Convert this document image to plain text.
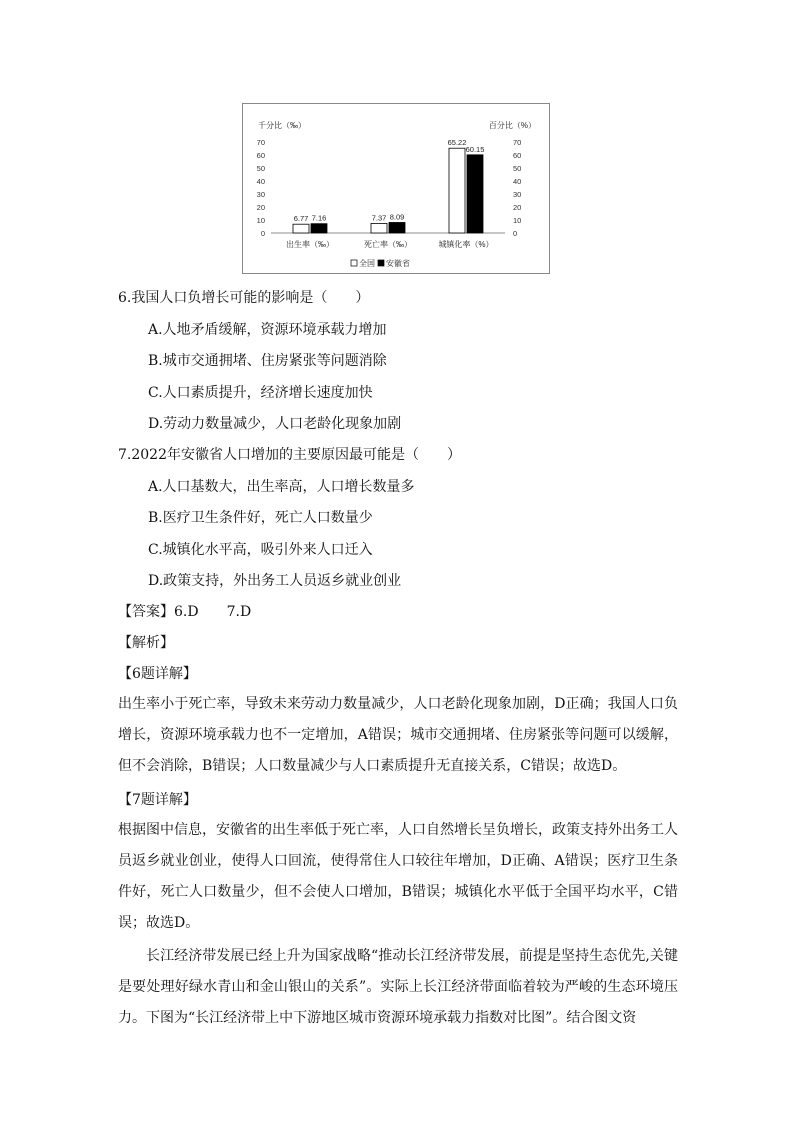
千分比（‰）	百分比（%）
0	0
10	10
20	20
30	30
40	40
50	50
60	60
70	70
6.77 7.16
出生率（‰）
7.37 8.09
死亡率（‰）
65.22
60.15
城镇化率（%）
全国 安徽省
6.我国人口负增长可能的影响是（　　）
A.人地矛盾缓解，资源环境承载力增加
B.城市交通拥堵、住房紧张等问题消除
C.人口素质提升，经济增长速度加快
D.劳动力数量减少，人口老龄化现象加剧
7.2022年安徽省人口增加的主要原因最可能是（　　）
A.人口基数大，出生率高，人口增长数量多
B.医疗卫生条件好，死亡人口数量少
C.城镇化水平高，吸引外来人口迁入
D.政策支持，外出务工人员返乡就业创业
【答案】6.D　　7.D
【解析】
【6题详解】
出生率小于死亡率，导致未来劳动力数量减少，人口老龄化现象加剧，D正确；我国人口负增长，资源环境承载力也不一定增加，A错误；城市交通拥堵、住房紧张等问题可以缓解，但不会消除，B错误；人口数量减少与人口素质提升无直接关系，C错误；故选D。
【7题详解】
根据图中信息，安徽省的出生率低于死亡率，人口自然增长呈负增长，政策支持外出务工人员返乡就业创业，使得人口回流，使得常住人口较往年增加，D正确、A错误；医疗卫生条件好，死亡人口数量少，但不会使人口增加，B错误；城镇化水平低于全国平均水平，C错误；故选D。
长江经济带发展已经上升为国家战略“推动长江经济带发展，前提是坚持生态优先,关键是要处理好绿水青山和金山银山的关系”。实际上长江经济带面临着较为严峻的生态环境压力。下图为“长江经济带上中下游地区城市资源环境承载力指数对比图”。结合图文资
